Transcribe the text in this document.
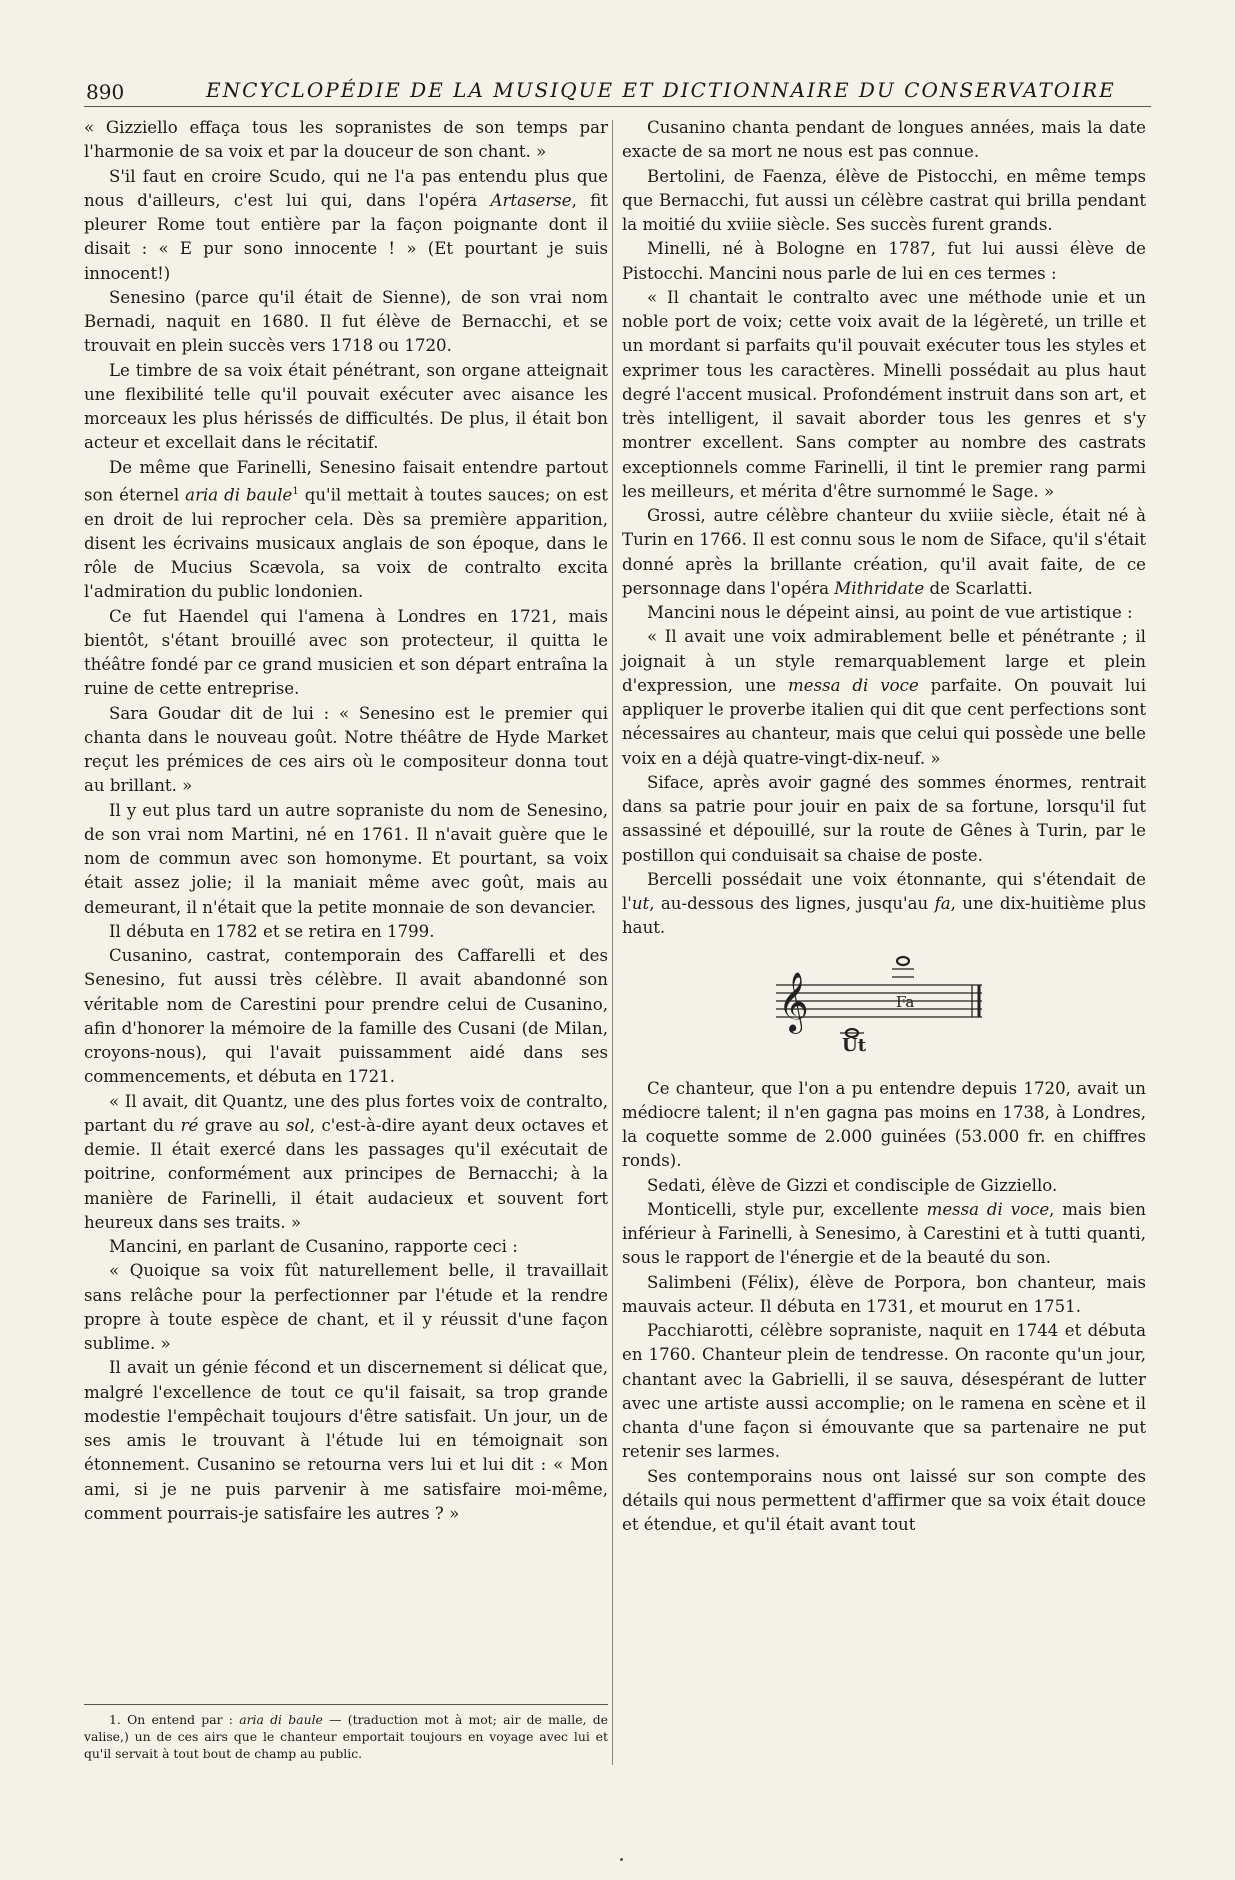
890	ENCYCLOPÉDIE DE LA MUSIQUE ET DICTIONNAIRE DU CONSERVATOIRE

« Gizziello effaça tous les sopranistes de son temps par l'harmonie de sa voix et par la douceur de son chant. »

S'il faut en croire Scudo, qui ne l'a pas entendu plus que nous d'ailleurs, c'est lui qui, dans l'opéra Artaserse, fit pleurer Rome tout entière par la façon poignante dont il disait : « E pur sono innocente ! » (Et pourtant je suis innocent!)

Senesino (parce qu'il était de Sienne), de son vrai nom Bernadi, naquit en 1680. Il fut élève de Bernacchi, et se trouvait en plein succès vers 1718 ou 1720.

Le timbre de sa voix était pénétrant, son organe atteignait une flexibilité telle qu'il pouvait exécuter avec aisance les morceaux les plus hérissés de difficultés. De plus, il était bon acteur et excellait dans le récitatif.

De même que Farinelli, Senesino faisait entendre partout son éternel aria di baule$^1$ qu'il mettait à toutes sauces; on est en droit de lui reprocher cela. Dès sa première apparition, disent les écrivains musicaux anglais de son époque, dans le rôle de Mucius Scævola, sa voix de contralto excita l'admiration du public londonien.

Ce fut Haendel qui l'amena à Londres en 1721, mais bientôt, s'étant brouillé avec son protecteur, il quitta le théâtre fondé par ce grand musicien et son départ entraîna la ruine de cette entreprise.

Sara Goudar dit de lui : « Senesino est le premier qui chanta dans le nouveau goût. Notre théâtre de Hyde Market reçut les prémices de ces airs où le compositeur donna tout au brillant. »

Il y eut plus tard un autre sopraniste du nom de Senesino, de son vrai nom Martini, né en 1761. Il n'avait guère que le nom de commun avec son homonyme. Et pourtant, sa voix était assez jolie; il la maniait même avec goût, mais au demeurant, il n'était que la petite monnaie de son devancier.

Il débuta en 1782 et se retira en 1799.

Cusanino, castrat, contemporain des Caffarelli et des Senesino, fut aussi très célèbre. Il avait abandonné son véritable nom de Carestini pour prendre celui de Cusanino, afin d'honorer la mémoire de la famille des Cusani (de Milan, croyons-nous), qui l'avait puissamment aidé dans ses commencements, et débuta en 1721.

« Il avait, dit Quantz, une des plus fortes voix de contralto, partant du ré grave au sol, c'est-à-dire ayant deux octaves et demie. Il était exercé dans les passages qu'il exécutait de poitrine, conformément aux principes de Bernacchi; à la manière de Farinelli, il était audacieux et souvent fort heureux dans ses traits. »

Mancini, en parlant de Cusanino, rapporte ceci :

« Quoique sa voix fût naturellement belle, il travaillait sans relâche pour la perfectionner par l'étude et la rendre propre à toute espèce de chant, et il y réussit d'une façon sublime. »

Il avait un génie fécond et un discernement si délicat que, malgré l'excellence de tout ce qu'il faisait, sa trop grande modestie l'empêchait toujours d'être satisfait. Un jour, un de ses amis le trouvant à l'étude lui en témoignait son étonnement. Cusanino se retourna vers lui et lui dit : « Mon ami, si je ne puis parvenir à me satisfaire moi-même, comment pourrais-je satisfaire les autres ? »

Cusanino chanta pendant de longues années, mais la date exacte de sa mort ne nous est pas connue.

Bertolini, de Faenza, élève de Pistocchi, en même temps que Bernacchi, fut aussi un célèbre castrat qui brilla pendant la moitié du xviiie siècle. Ses succès furent grands.

Minelli, né à Bologne en 1787, fut lui aussi élève de Pistocchi. Mancini nous parle de lui en ces termes :

« Il chantait le contralto avec une méthode unie et un noble port de voix; cette voix avait de la légèreté, un trille et un mordant si parfaits qu'il pouvait exécuter tous les styles et exprimer tous les caractères. Minelli possédait au plus haut degré l'accent musical. Profondément instruit dans son art, et très intelligent, il savait aborder tous les genres et s'y montrer excellent. Sans compter au nombre des castrats exceptionnels comme Farinelli, il tint le premier rang parmi les meilleurs, et mérita d'être surnommé le Sage. »

Grossi, autre célèbre chanteur du xviiie siècle, était né à Turin en 1766. Il est connu sous le nom de Siface, qu'il s'était donné après la brillante création, qu'il avait faite, de ce personnage dans l'opéra Mithridate de Scarlatti.

Mancini nous le dépeint ainsi, au point de vue artistique :

« Il avait une voix admirablement belle et pénétrante ; il joignait à un style remarquablement large et plein d'expression, une messa di voce parfaite. On pouvait lui appliquer le proverbe italien qui dit que cent perfections sont nécessaires au chanteur, mais que celui qui possède une belle voix en a déjà quatre-vingt-dix-neuf. »

Siface, après avoir gagné des sommes énormes, rentrait dans sa patrie pour jouir en paix de sa fortune, lorsqu'il fut assassiné et dépouillé, sur la route de Gênes à Turin, par le postillon qui conduisait sa chaise de poste.

Bercelli possédait une voix étonnante, qui s'étendait de l'ut, au-dessous des lignes, jusqu'au fa, une dix-huitième plus haut.

𝄞	Fa
Ut

Ce chanteur, que l'on a pu entendre depuis 1720, avait un médiocre talent; il n'en gagna pas moins en 1738, à Londres, la coquette somme de 2.000 guinées (53.000 fr. en chiffres ronds).

Sedati, élève de Gizzi et condisciple de Gizziello.

Monticelli, style pur, excellente messa di voce, mais bien inférieur à Farinelli, à Senesimo, à Carestini et à tutti quanti, sous le rapport de l'énergie et de la beauté du son.

Salimbeni (Félix), élève de Porpora, bon chanteur, mais mauvais acteur. Il débuta en 1731, et mourut en 1751.

Pacchiarotti, célèbre sopraniste, naquit en 1744 et débuta en 1760. Chanteur plein de tendresse. On raconte qu'un jour, chantant avec la Gabrielli, il se sauva, désespérant de lutter avec une artiste aussi accomplie; on le ramena en scène et il chanta d'une façon si émouvante que sa partenaire ne put retenir ses larmes.

Ses contemporains nous ont laissé sur son compte des détails qui nous permettent d'affirmer que sa voix était douce et étendue, et qu'il était avant tout

1. On entend par : aria di baule — (traduction mot à mot; air de malle, de valise,) un de ces airs que le chanteur emportait toujours en voyage avec lui et qu'il servait à tout bout de champ au public.
